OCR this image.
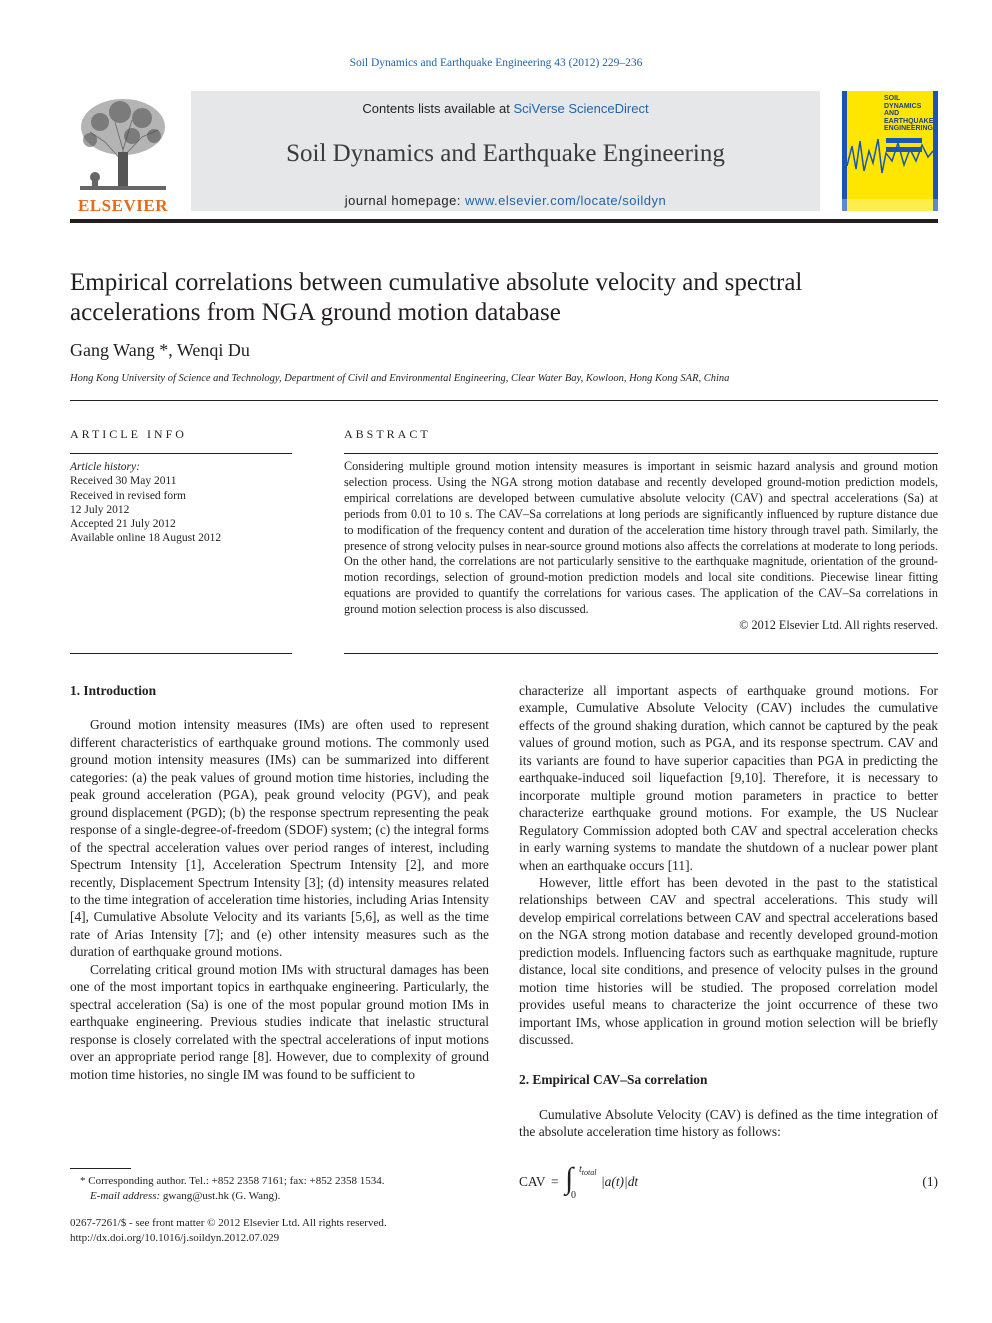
Soil Dynamics and Earthquake Engineering 43 (2012) 229–236
ELSEVIER
Contents lists available at SciVerse ScienceDirect
Soil Dynamics and Earthquake Engineering
journal homepage: www.elsevier.com/locate/soildyn
SOIL
DYNAMICS
AND
EARTHQUAKE
ENGINEERING
Empirical correlations between cumulative absolute velocity and spectral accelerations from NGA ground motion database
Gang Wang *, Wenqi Du
Hong Kong University of Science and Technology, Department of Civil and Environmental Engineering, Clear Water Bay, Kowloon, Hong Kong SAR, China
ARTICLE INFO
Article history:
Received 30 May 2011
Received in revised form
12 July 2012
Accepted 21 July 2012
Available online 18 August 2012
ABSTRACT
Considering multiple ground motion intensity measures is important in seismic hazard analysis and ground motion selection process. Using the NGA strong motion database and recently developed ground-motion prediction models, empirical correlations are developed between cumulative absolute velocity (CAV) and spectral accelerations (Sa) at periods from 0.01 to 10 s. The CAV–Sa correlations at long periods are significantly influenced by rupture distance due to modification of the frequency content and duration of the acceleration time history through travel path. Similarly, the presence of strong velocity pulses in near-source ground motions also affects the correlations at moderate to long periods. On the other hand, the correlations are not particularly sensitive to the earthquake magnitude, orientation of the ground-motion recordings, selection of ground-motion prediction models and local site conditions. Piecewise linear fitting equations are provided to quantify the correlations for various cases. The application of the CAV–Sa correlations in ground motion selection process is also discussed.
© 2012 Elsevier Ltd. All rights reserved.
1. Introduction

Ground motion intensity measures (IMs) are often used to represent different characteristics of earthquake ground motions. The commonly used ground motion intensity measures (IMs) can be summarized into different categories: (a) the peak values of ground motion time histories, including the peak ground acceleration (PGA), peak ground velocity (PGV), and peak ground displacement (PGD); (b) the response spectrum representing the peak response of a single-degree-of-freedom (SDOF) system; (c) the integral forms of the spectral acceleration values over period ranges of interest, including Spectrum Intensity [1], Acceleration Spectrum Intensity [2], and more recently, Displacement Spectrum Intensity [3]; (d) intensity measures related to the time integration of acceleration time histories, including Arias Intensity [4], Cumulative Absolute Velocity and its variants [5,6], as well as the time rate of Arias Intensity [7]; and (e) other intensity measures such as the duration of earthquake ground motions.

Correlating critical ground motion IMs with structural damages has been one of the most important topics in earthquake engineering. Particularly, the spectral acceleration (Sa) is one of the most popular ground motion IMs in earthquake engineering. Previous studies indicate that inelastic structural response is closely correlated with the spectral accelerations of input motions over an appropriate period range [8]. However, due to complexity of ground motion time histories, no single IM was found to be sufficient to

characterize all important aspects of earthquake ground motions. For example, Cumulative Absolute Velocity (CAV) includes the cumulative effects of the ground shaking duration, which cannot be captured by the peak values of ground motion, such as PGA, and its response spectrum. CAV and its variants are found to have superior capacities than PGA in predicting the earthquake-induced soil liquefaction [9,10]. Therefore, it is necessary to incorporate multiple ground motion parameters in practice to better characterize earthquake ground motions. For example, the US Nuclear Regulatory Commission adopted both CAV and spectral acceleration checks in early warning systems to mandate the shutdown of a nuclear power plant when an earthquake occurs [11].

However, little effort has been devoted in the past to the statistical relationships between CAV and spectral accelerations. This study will develop empirical correlations between CAV and spectral accelerations based on the NGA strong motion database and recently developed ground-motion prediction models. Influencing factors such as earthquake magnitude, rupture distance, local site conditions, and presence of velocity pulses in the ground motion time histories will be studied. The proposed correlation model provides useful means to characterize the joint occurrence of these two important IMs, whose application in ground motion selection will be briefly discussed.

2. Empirical CAV–Sa correlation

Cumulative Absolute Velocity (CAV) is defined as the time integration of the absolute acceleration time history as follows:

CAV = ∫ $t_{total}$
0
|a(t)|dt	(1)
* Corresponding author. Tel.: +852 2358 7161; fax: +852 2358 1534.
E-mail address: gwang@ust.hk (G. Wang).
0267-7261/$ - see front matter © 2012 Elsevier Ltd. All rights reserved.
http://dx.doi.org/10.1016/j.soildyn.2012.07.029
